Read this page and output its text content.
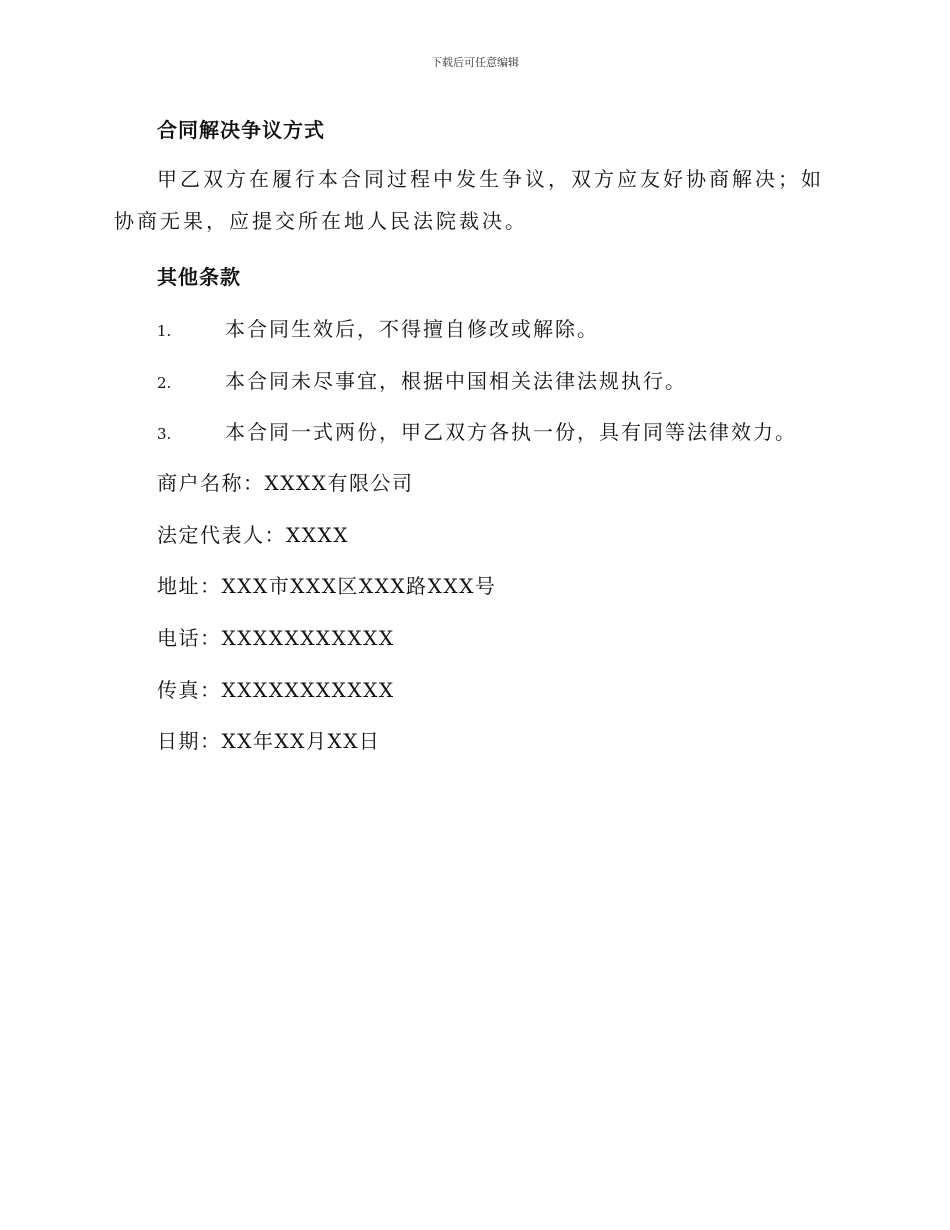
下载后可任意编辑
合同解决争议方式
甲乙双方在履行本合同过程中发生争议，双方应友好协商解决；如协商无果，应提交所在地人民法院裁决。
其他条款
1.	本合同生效后，不得擅自修改或解除。
2.	本合同未尽事宜，根据中国相关法律法规执行。
3.	本合同一式两份，甲乙双方各执一份，具有同等法律效力。
商户名称：XXXX有限公司
法定代表人：XXXX
地址：XXX市XXX区XXX路XXX号
电话：XXXXXXXXXXX
传真：XXXXXXXXXXX
日期：XX年XX月XX日
